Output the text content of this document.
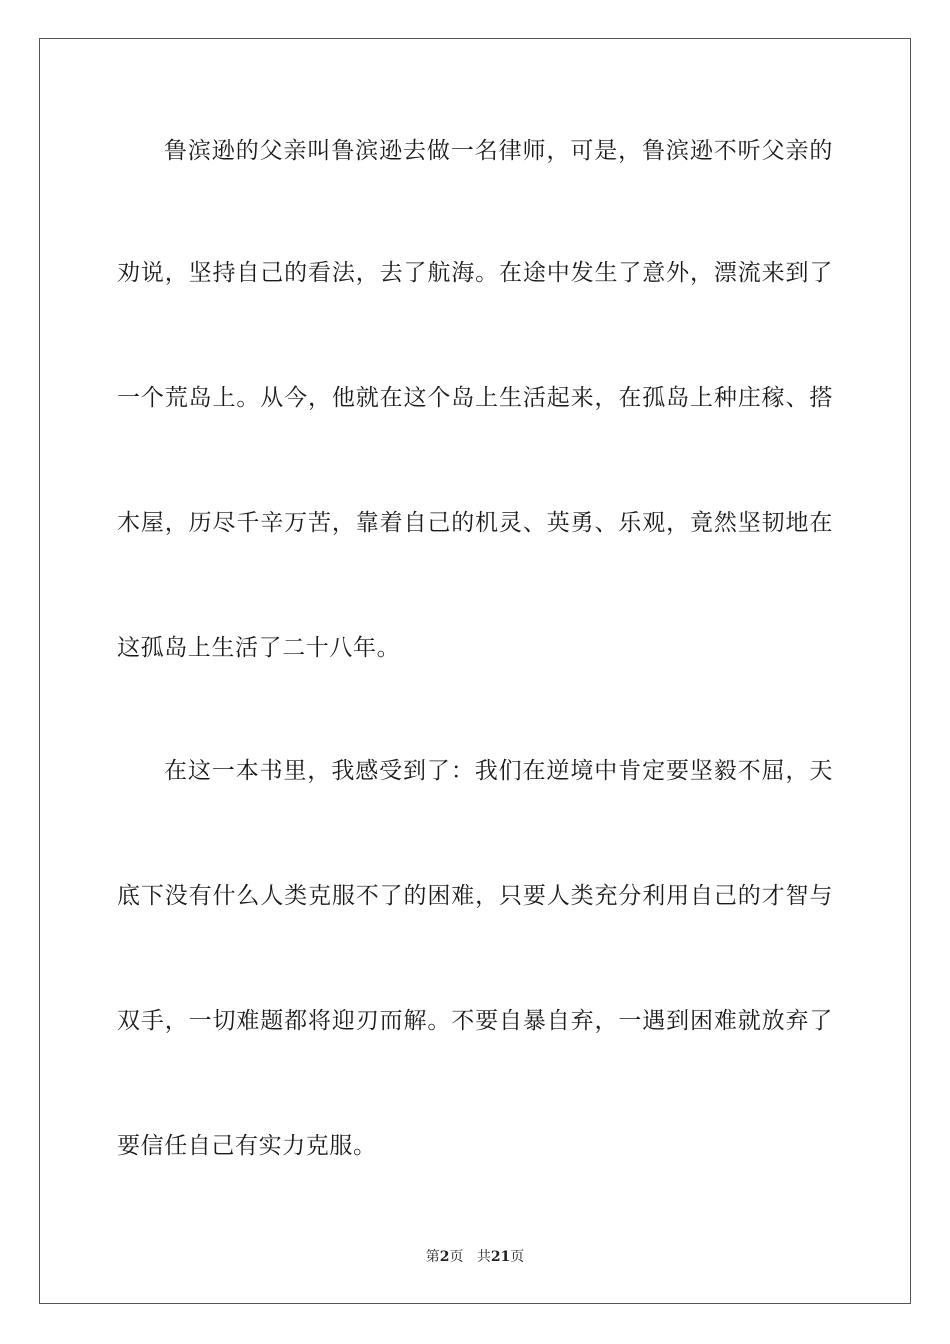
鲁滨逊的父亲叫鲁滨逊去做一名律师，可是，鲁滨逊不听父亲的
劝说，坚持自己的看法，去了航海。在途中发生了意外，漂流来到了
一个荒岛上。从今，他就在这个岛上生活起来，在孤岛上种庄稼、搭
木屋，历尽千辛万苦，靠着自己的机灵、英勇、乐观，竟然坚韧地在
这孤岛上生活了二十八年。
在这一本书里，我感受到了：我们在逆境中肯定要坚毅不屈，天
底下没有什么人类克服不了的困难，只要人类充分利用自己的才智与
双手，一切难题都将迎刃而解。不要自暴自弃，一遇到困难就放弃了
要信任自己有实力克服。
第2页 共21页
